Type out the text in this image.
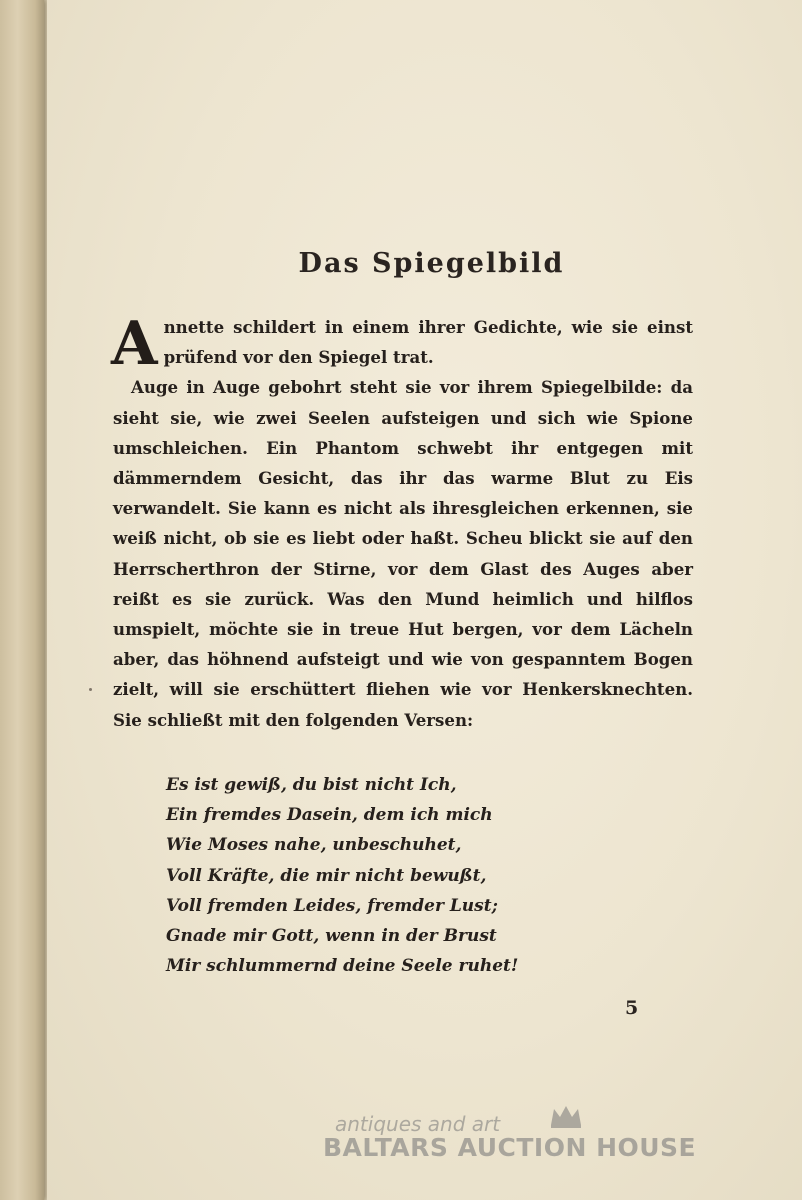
Das Spiegelbild

Annette schildert in einem ihrer Gedichte, wie sie einst prüfend vor den Spiegel trat.

Auge in Auge gebohrt steht sie vor ihrem Spiegelbilde: da sieht sie, wie zwei Seelen aufsteigen und sich wie Spione umschleichen. Ein Phantom schwebt ihr entgegen mit dämmerndem Gesicht, das ihr das warme Blut zu Eis verwandelt. Sie kann es nicht als ihresgleichen erkennen, sie weiß nicht, ob sie es liebt oder haßt. Scheu blickt sie auf den Herrscherthron der Stirne, vor dem Glast des Auges aber reißt es sie zurück. Was den Mund heimlich und hilflos umspielt, möchte sie in treue Hut bergen, vor dem Lächeln aber, das höhnend aufsteigt und wie von gespanntem Bogen zielt, will sie erschüttert fliehen wie vor Henkersknechten. Sie schließt mit den folgenden Versen:

Es ist gewiß, du bist nicht Ich,
Ein fremdes Dasein, dem ich mich
Wie Moses nahe, unbeschuhet,
Voll Kräfte, die mir nicht bewußt,
Voll fremden Leides, fremder Lust;
Gnade mir Gott, wenn in der Brust
Mir schlummernd deine Seele ruhet!
5
antiques and art
BALTARS AUCTION HOUSE
